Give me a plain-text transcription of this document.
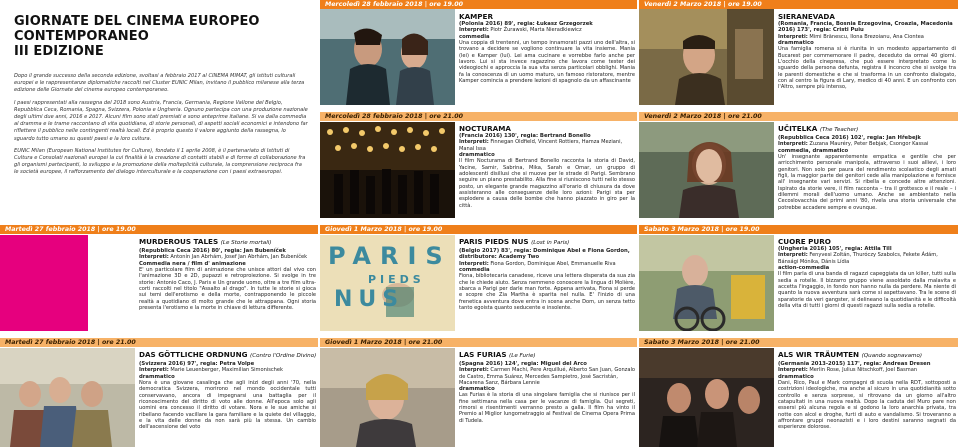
GIORNATE DEL CINEMA EUROPEO CONTEMPORANEO
III EDIZIONE

Dopo il grande successo della seconda edizione, svoltasi a febbraio 2017 al CINEMA MIMAT, gli istituti culturali europei e le rappresentanze diplomatiche raccolti nel Cluster EUNIC Milan, invitano il pubblico milanese alla terza edizione delle Giornate del cinema europeo contemporaneo.

I paesi rappresentati alla rassegna del 2018 sono Austria, Francia, Germania, Regione Vallone del Belgio, Repubblica Ceca, Romania, Spagna, Svizzera, Polonia e Ungheria. Ognuno partecipa con una produzione nazionale degli ultimi due anni, 2016 e 2017. Alcuni film sono stati premiati e sono anteprime italiane. Si va dalla commedia al dramma e le trame raccontano di vita quotidiana, di storie personali, di aspetti sociali economici e intendono far riflettere il pubblico nelle contingenti realtà locali. Ed è proprio questo il valore aggiunto della rassegna, lo sguardo tutto umano su questi paesi e la loro cultura.

EUNIC Milan (European National Institutes for Culture), fondato il 1 aprile 2008, è il partenariato di Istituti di Cultura e Consolati nazionali europei la cui finalità è la creazione di contatti stabili e di forme di collaborazione fra gli organismi partecipanti, lo sviluppo e la promozione della molteplicità culturale, la comprensione reciproca fra le società europee, il rafforzamento del dialogo interculturale e la cooperazione con i paesi extraeuropei.

PARIS
PIEDS
NUS
Mercoledì 28 febbraio 2018 | ore 19.00	Venerdì 2 Marzo 2018 | ore 19.00
Mercoledì 28 febbraio 2018 | ore 21.00	Venerdì 2 Marzo 2018 | ore 21.00
Martedì 27 febbraio 2018 | ore 19.00	Giovedì 1 Marzo 2018 | ore 19.00	Sabato 3 Marzo 2018 | ore 19.00
Martedì 27 febbraio 2018 | ore 21.00	Giovedì 1 Marzo 2018 | ore 21.00	Sabato 3 Marzo 2018 | ore 21.00
KAMPER
(Polonia 2016) 89', regia: Łukasz Grzegorzek
Interpreti: Piotr Żurawski, Marta Nieradkiewicz
commedia
Una coppia di trentenni, un tempo innamorati pazzi uno dell'altra, si trovano a decidere se vogliono continuare la vita insieme. Mania (lei) e Kamper (lui). Lei ama cucinare e vorrebbe farlo anche per lavoro. Lui si sta invece ragazzino che lavora come tester dei videogiochi e approccia la sua vita senza particolari obblighi. Mania fa la conoscenza di un uomo maturo, un famoso ristoratore, mentre Kamper comincia a prendere lezioni di spagnolo da un affascinante
SIERANEVADA
(Romania, Francia, Bosnia Erzegovina, Croazia, Macedonia 2016) 173', regia: Cristi Puiu
Interpreti: Mimi Brănescu, Ilona Brezoianu, Ana Ciontea
drammatico
Una famiglia romena si è riunita in un modesto appartamento di Bucarest per commemorare il padre, deceduto da ormai 40 giorni. L'occhio della cinepresa, che può essere interpretato come lo sguardo della persona defunta, registra il inconcro che si svolge tra le parenti domestiche e che si trasforma in un confronto dialogato, con al centro la figura di Lary, medico di 40 anni. E un confronto con l'Altro, sempre più intenso,
NOCTURAMA
(Francia 2016) 130', regia: Bertrand Bonello
Interpreti: Finnegan Oldfield, Vincent Rottiers, Hamza Meziani, Manal Issa
drammatico
Il film Nocturama di Bertrand Bonello racconta la storia di David, Yacine, Samir, Sabrina, Mika, Sarah e Omar, un gruppo di adolescenti disillusi che si muove per le strade di Parigi. Sembrano seguire un piano prestabilito. Alla fine si riuniscono tutti nello stesso posto, un elegante grande magazzino all'orario di chiusura da dove assisteranno alle conseguenze delle loro azioni: Parigi sta per esplodere a causa delle bombe che hanno piazzato in giro per la città.
UČITELKA (The Teacher)
(Repubblica Ceca 2016) 102', regia: Jan Hřebejk
Interpreti: Zuzana Mauréry, Peter Bebjak, Csongor Kassai
commedia, drammatico
Un' insegnante apparentemente empatica e gentile che per arricchimento personale manipola, attraverso i suoi allievi, i loro genitori. Non solo per paura del rendimento scolastico degli amati figli, la maggior parte dei genitori cede alla manipolazione e fornisce all' insegnante vari servizi. Si ribella e concede altre attenzioni. Ispirato da storie vere, il film racconta – tra il grottesco e il reale – i dilemmi morali dell'uomo umano. Anche se ambientato nella Cecoslovacchia dei primi anni '80, rivela una storia universale che potrebbe accadere sempre e ovunque.
MURDEROUS TALES (Le Storie mortali)
(Repubblica Ceca 2016) 80', regia: Jan Bubeníček
Interpreti: Antonín Jan Abrhám, Josef Jan Abrhám, Jan Bubeníček
Commedia nera / film d' animazione
E' un particolare film di animazione che unisce attori dal vivo con l'animazione 3D e 2D, pupazzi e retroproiezione. Si svolge in tre storie: Antonio Caco, J. Paris e Un grande uomo, oltre a tre film ultra-corti raccolti nel titolo "Assalto al drago". In tutte le storie si gioca sui temi dell'erotismo e della morte, contrapponendo le piccole realtà a quotidiano di molto grande che le attrappana. Ogni storia presenta l'erotismo e la morte in chiave di lettura differente.
PARIS PIEDS NUS (Lost in Paris)
(Belgio 2017) 83', regia: Dominique Abel e Fiona Gordon, distributore: Academy Two
Interpreti: Fiona Gordon, Dominique Abel, Emmanuelle Riva
commedia
Fiona, bibliotecaria canadese, riceve una lettera disperata da sua zia che le chiede aiuto. Senza nemmeno conoscere la lingua di Molière, sbarca a Parigi per darle man forte. Appena arrivata, Fiona si perde e scopre che Zia Martha è sparita nel nulla. E' l'inizio di una frenetica avventura dove entra in scena anche Dom, un senza tetto tanto egoista quanto seducente e insolente.
CUORE PURO
(Ungheria 2016) 105', regia: Attila Till
Interpreti: Fenyvesi Zoltán, Thuróczy Szabolcs, Fekete Ádám, Bánsági Mónika, Dánis Lídia
action-commedia
Il film parla di una banda di ragazzi capeggiata da un killer, tutti sulla sedia a rotelle. Il bizzarro gruppo viene assoldato dalla malavita e accetta l'ingaggio, in fondo non hanno nulla da perdere. Ma niente di quanto la nuova avventura sarà come si aspettavano. Tra le scene di sparatorie da veri gangster, si delineano la quotidianità e le difficoltà della vita di tutti i giorni di questi ragazzi sulla sedia a rotelle.
DAS GÖTTLICHE ORDNUNG (Contro l'Ordine Divino)
(Svizzera 2016) 97', regia: Petra Volpe
Interpreti: Marie Leuenberger, Maximilian Simonischek
drammatico
Nora è una giovane casalinga che agli inizi degli anni '70, nella democratica Svizzera, morirono nel mondo occidentale tutti conservavano, ancora di impegnarsi una battaglia per il riconoscimento del diritto di voto alle donne. All'epoca solo agli uomini era concesso il diritto di votare. Nora e le sue amiche si ribellano facendo vacillare la gara familiare e la quiete del villaggio, e la vita delle donne da non sarà più la stessa. Un cambio dell'ascensione del voto
LAS FURIAS (Le Furie)
(Spagna 2016) 124', regia: Miguel del Arco
Interpreti: Carmen Machi, Pere Arquillué, Alberto San Juan, Gonzalo de Castro, Emma Suárez, Mercedes Sampietro, José Sacristán, Macarena Sanz, Bárbara Lennie
drammatico
Las Furias è la storia di una singolare famiglia che si riunisce per il fine settimana nella casa per le vacanze di famiglia. Qui segreti, rimorsi e risentimenti verranno presto a galla. Il film ha vinto il Premio al Miglior lungometraggio al Festival de Cinema Opera Prima di Tudela.
ALS WIR TRÄUMTEN (Quando sognavamo)
(Germania 2013-2015) 117', regia: Andreas Dresen
Interpreti: Merlin Rose, Julius Nitschkoff, Joel Basman
drammatico
Dani, Rico, Paul e Mark compagni di scuola nella RDT, sottoposti a costrizioni ideologiche, ma anche al sicuro in una quotidianità sotto controllo e senza sorprese, si ritrovano da un giorno all'altro catapultati in una nuova realtà. Dopo la caduta del Muro pare non essersi più alcuna regola e si godono la loro anarchia privata, tra notte con alcol e droghe, furti di auto e vandalismo. Si troveranno a affrontare gruppi neonazisti e i loro destini saranno segnati da esperienze dolorose.
